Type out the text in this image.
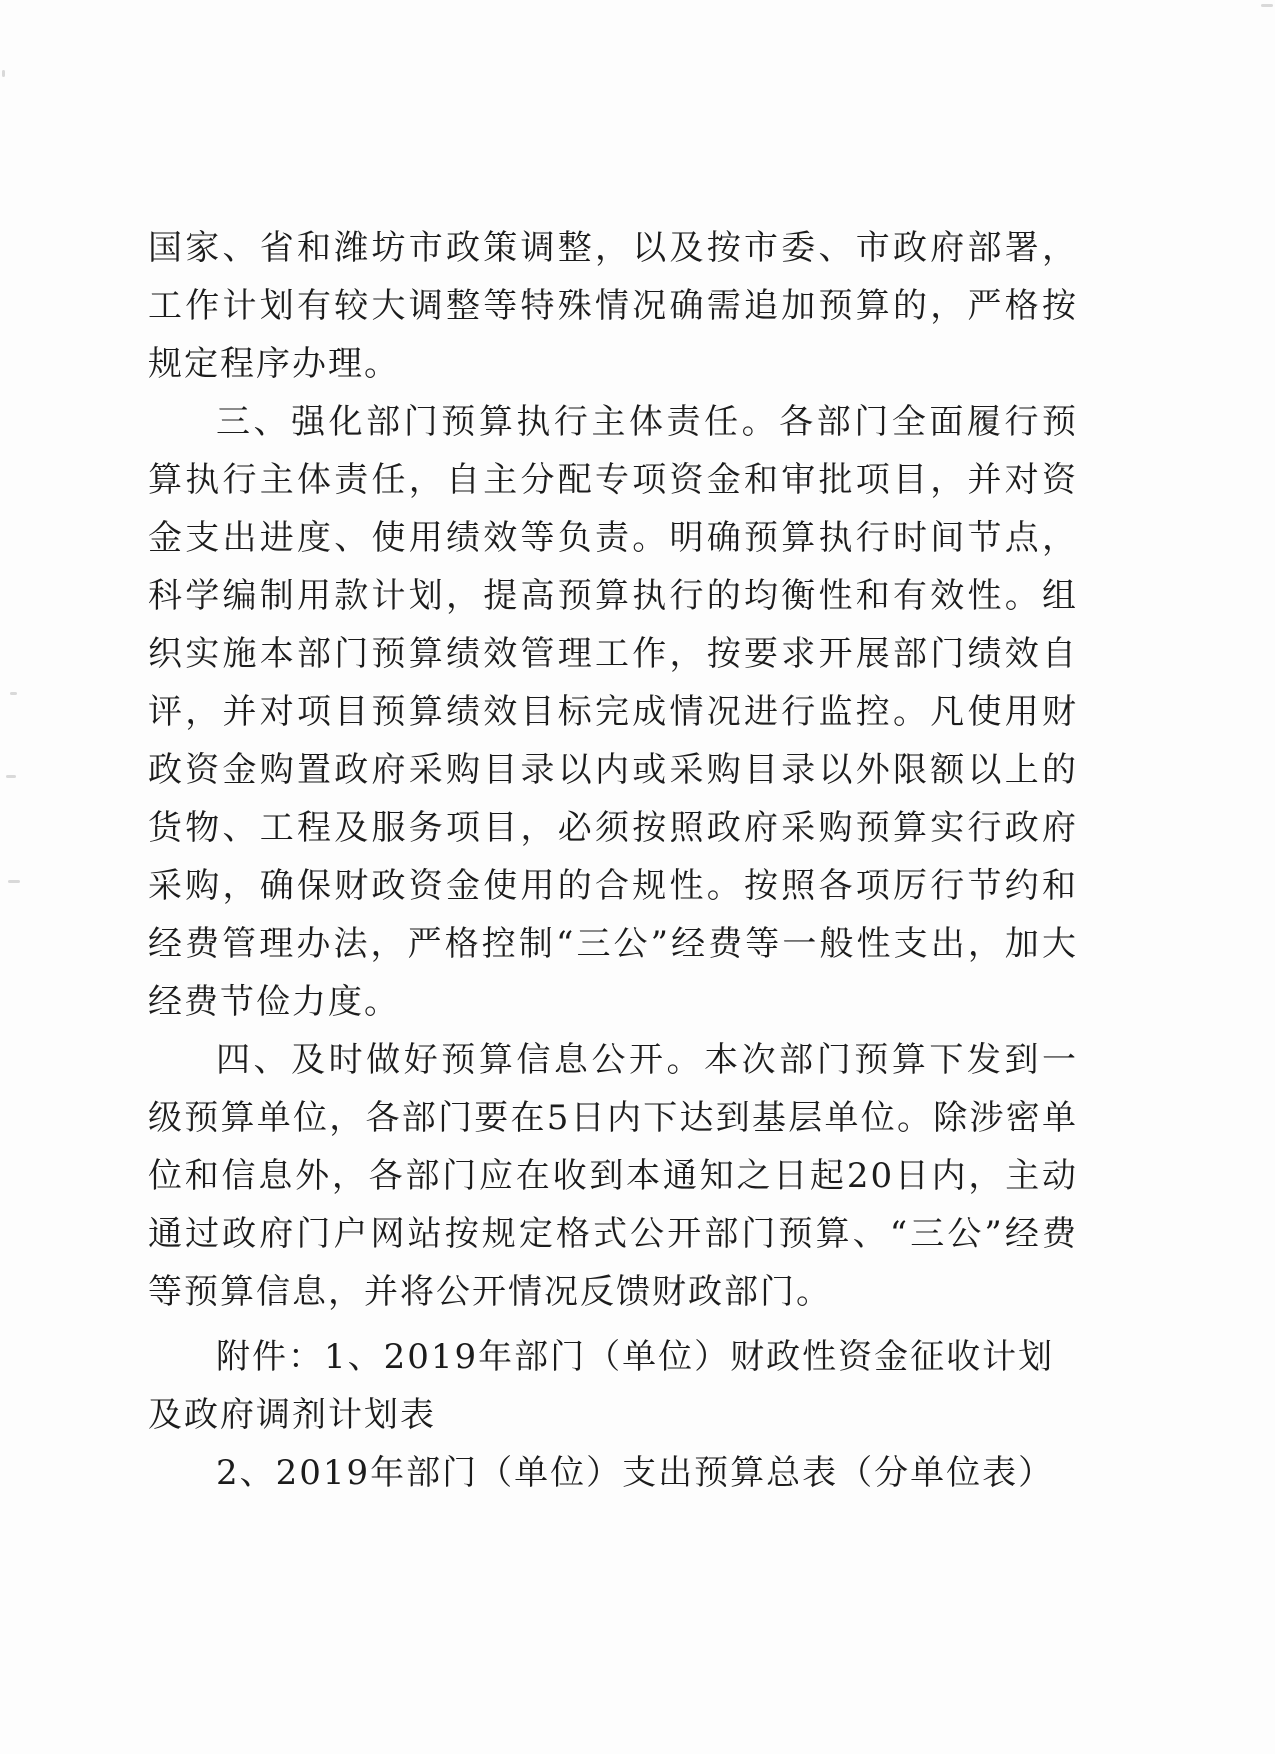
国家、省和潍坊市政策调整，以及按市委、市政府部署，工作计划有较大调整等特殊情况确需追加预算的，严格按规定程序办理。

三、强化部门预算执行主体责任。各部门全面履行预算执行主体责任，自主分配专项资金和审批项目，并对资金支出进度、使用绩效等负责。明确预算执行时间节点，科学编制用款计划，提高预算执行的均衡性和有效性。组织实施本部门预算绩效管理工作，按要求开展部门绩效自评，并对项目预算绩效目标完成情况进行监控。凡使用财政资金购置政府采购目录以内或采购目录以外限额以上的货物、工程及服务项目，必须按照政府采购预算实行政府采购，确保财政资金使用的合规性。按照各项厉行节约和经费管理办法，严格控制“三公”经费等一般性支出，加大经费节俭力度。

四、及时做好预算信息公开。本次部门预算下发到一级预算单位，各部门要在5日内下达到基层单位。除涉密单位和信息外，各部门应在收到本通知之日起20日内，主动通过政府门户网站按规定格式公开部门预算、“三公”经费等预算信息，并将公开情况反馈财政部门。

附件：1、2019年部门（单位）财政性资金征收计划及政府调剂计划表

2、2019年部门（单位）支出预算总表（分单位表）
